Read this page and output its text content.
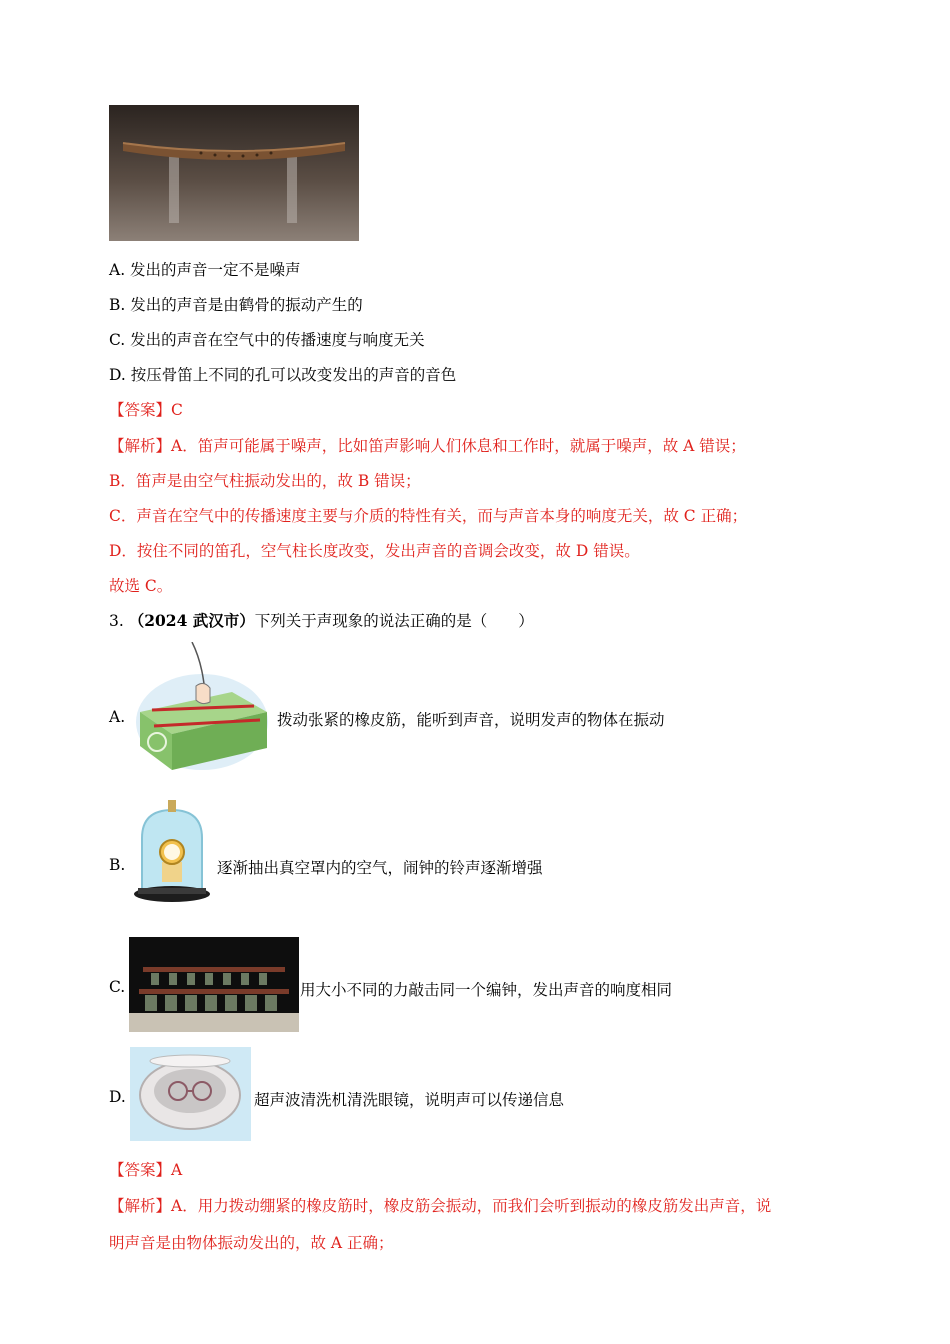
A. 发出的声音一定不是噪声
B. 发出的声音是由鹤骨的振动产生的
C. 发出的声音在空气中的传播速度与响度无关
D. 按压骨笛上不同的孔可以改变发出的声音的音色
【答案】C
【解析】A．笛声可能属于噪声，比如笛声影响人们休息和工作时，就属于噪声，故 A 错误；
B．笛声是由空气柱振动发出的，故 B 错误；
C．声音在空气中的传播速度主要与介质的特性有关，而与声音本身的响度无关，故 C 正确；
D．按住不同的笛孔，空气柱长度改变，发出声音的音调会改变，故 D 错误。
故选 C。
3. （2024 武汉市）下列关于声现象的说法正确的是（　　）
A.	拨动张紧的橡皮筋，能听到声音，说明发声的物体在振动
B.	逐渐抽出真空罩内的空气，闹钟的铃声逐渐增强
C.	用大小不同的力敲击同一个编钟，发出声音的响度相同
D.	超声波清洗机清洗眼镜，说明声可以传递信息
【答案】A
【解析】A．用力拨动绷紧的橡皮筋时，橡皮筋会振动，而我们会听到振动的橡皮筋发出声音，说
明声音是由物体振动发出的，故 A 正确；
